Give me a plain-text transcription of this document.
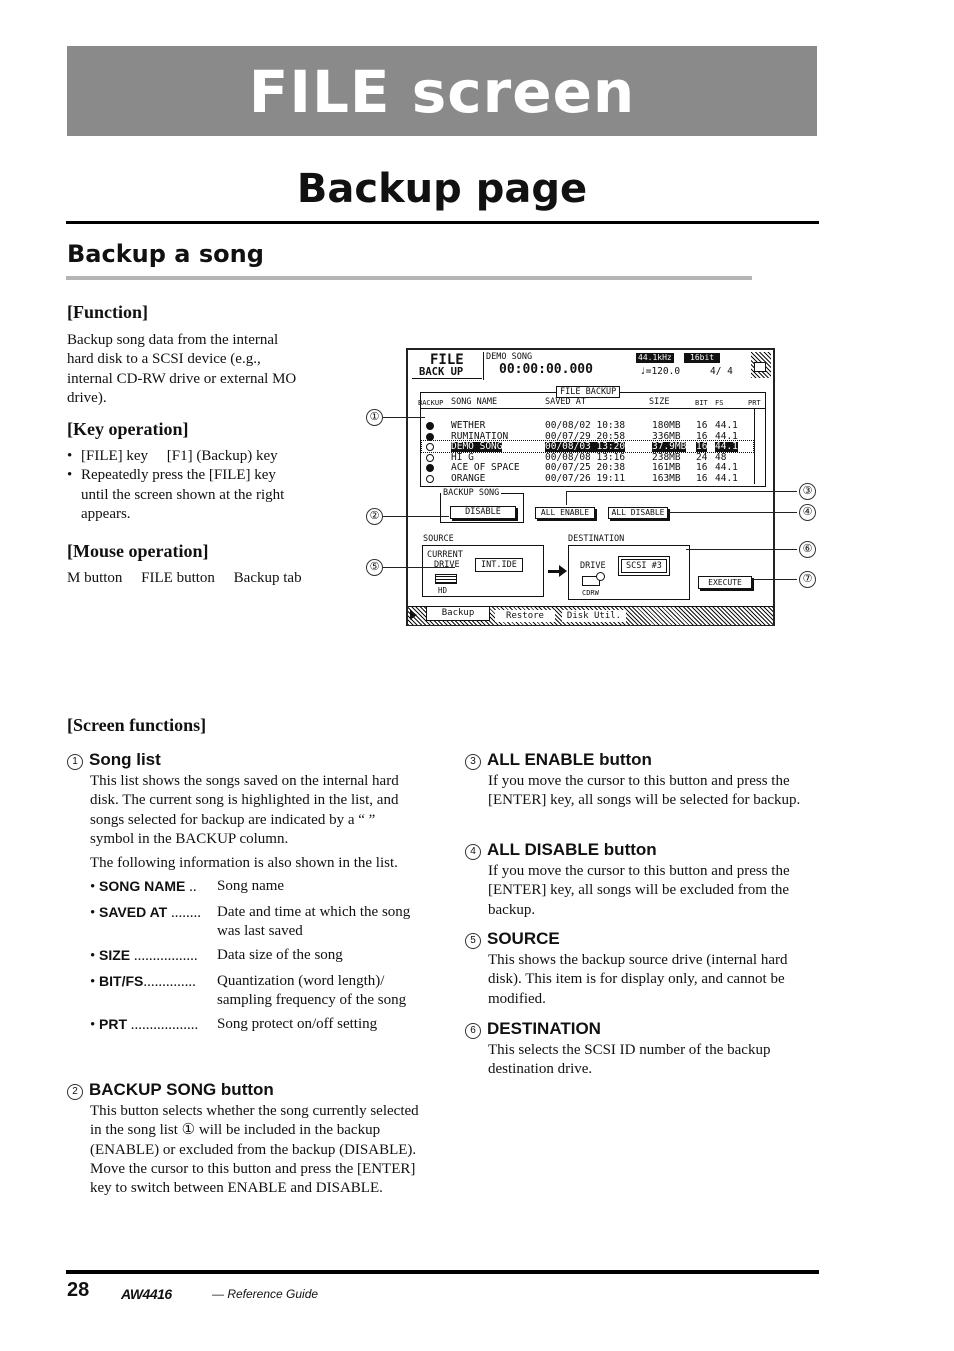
FILE screen
Backup page
Backup a song

[Function]

Backup song data from the internal hard disk to a SCSI device (e.g., internal CD-RW drive or external MO drive).

[Key operation]

• [FILE] key     [F1] (Backup) key
• Repeatedly press the [FILE] key until the screen shown at the right appears.

[Mouse operation]

M button     FILE button     Backup tab
FILE
BACK UP
DEMO SONG
00:00:00.000
44.1kHz	16bit
♩=120.0	4/ 4
FILE BACKUP
BACKUP SONG NAME	SAVED AT	SIZE	BIT FS	PRT
WETHER	00/08/02 10:38	180MB 16 44.1
RUMINATION	00/07/29 20:58	336MB 16 44.1
DEMO SONG	00/08/03 13:20	37.9MB 16 44.1
HI G	00/08/08 13:16	238MB 24 48
ACE OF SPACE	00/07/25 20:38	161MB 16 44.1
ORANGE	00/07/26 19:11	163MB 16 44.1
BACKUP SONG
DISABLE	ALL ENABLE	ALL DISABLE
SOURCE
CURRENT
DRIVE	INT.IDE
HD
DESTINATION
DRIVE	SCSI #3
CDRW
EXECUTE
Backup	Restore	Disk Util.
①
②
⑤
③
④
⑥
⑦

[Screen functions]

1 Song list
This list shows the songs saved on the internal hard disk. The current song is highlighted in the list, and songs selected for backup are indicated by a “ ” symbol in the BACKUP column.
The following information is also shown in the list.
• SONG NAME ..	Song name
• SAVED AT ........	Date and time at which the song was last saved
• SIZE .................	Data size of the song
• BIT/FS..............	Quantization (word length)/ sampling frequency of the song
• PRT ..................	Song protect on/off setting
2 BACKUP SONG button
This button selects whether the song currently selected in the song list ① will be included in the backup (ENABLE) or excluded from the backup (DISABLE). Move the cursor to this button and press the [ENTER] key to switch between ENABLE and DISABLE.
3 ALL ENABLE button
If you move the cursor to this button and press the [ENTER] key, all songs will be selected for backup.
4 ALL DISABLE button
If you move the cursor to this button and press the [ENTER] key, all songs will be excluded from the backup.
5 SOURCE
This shows the backup source drive (internal hard disk). This item is for display only, and cannot be modified.
6 DESTINATION
This selects the SCSI ID number of the backup destination drive.
28 AW4416	— Reference Guide
